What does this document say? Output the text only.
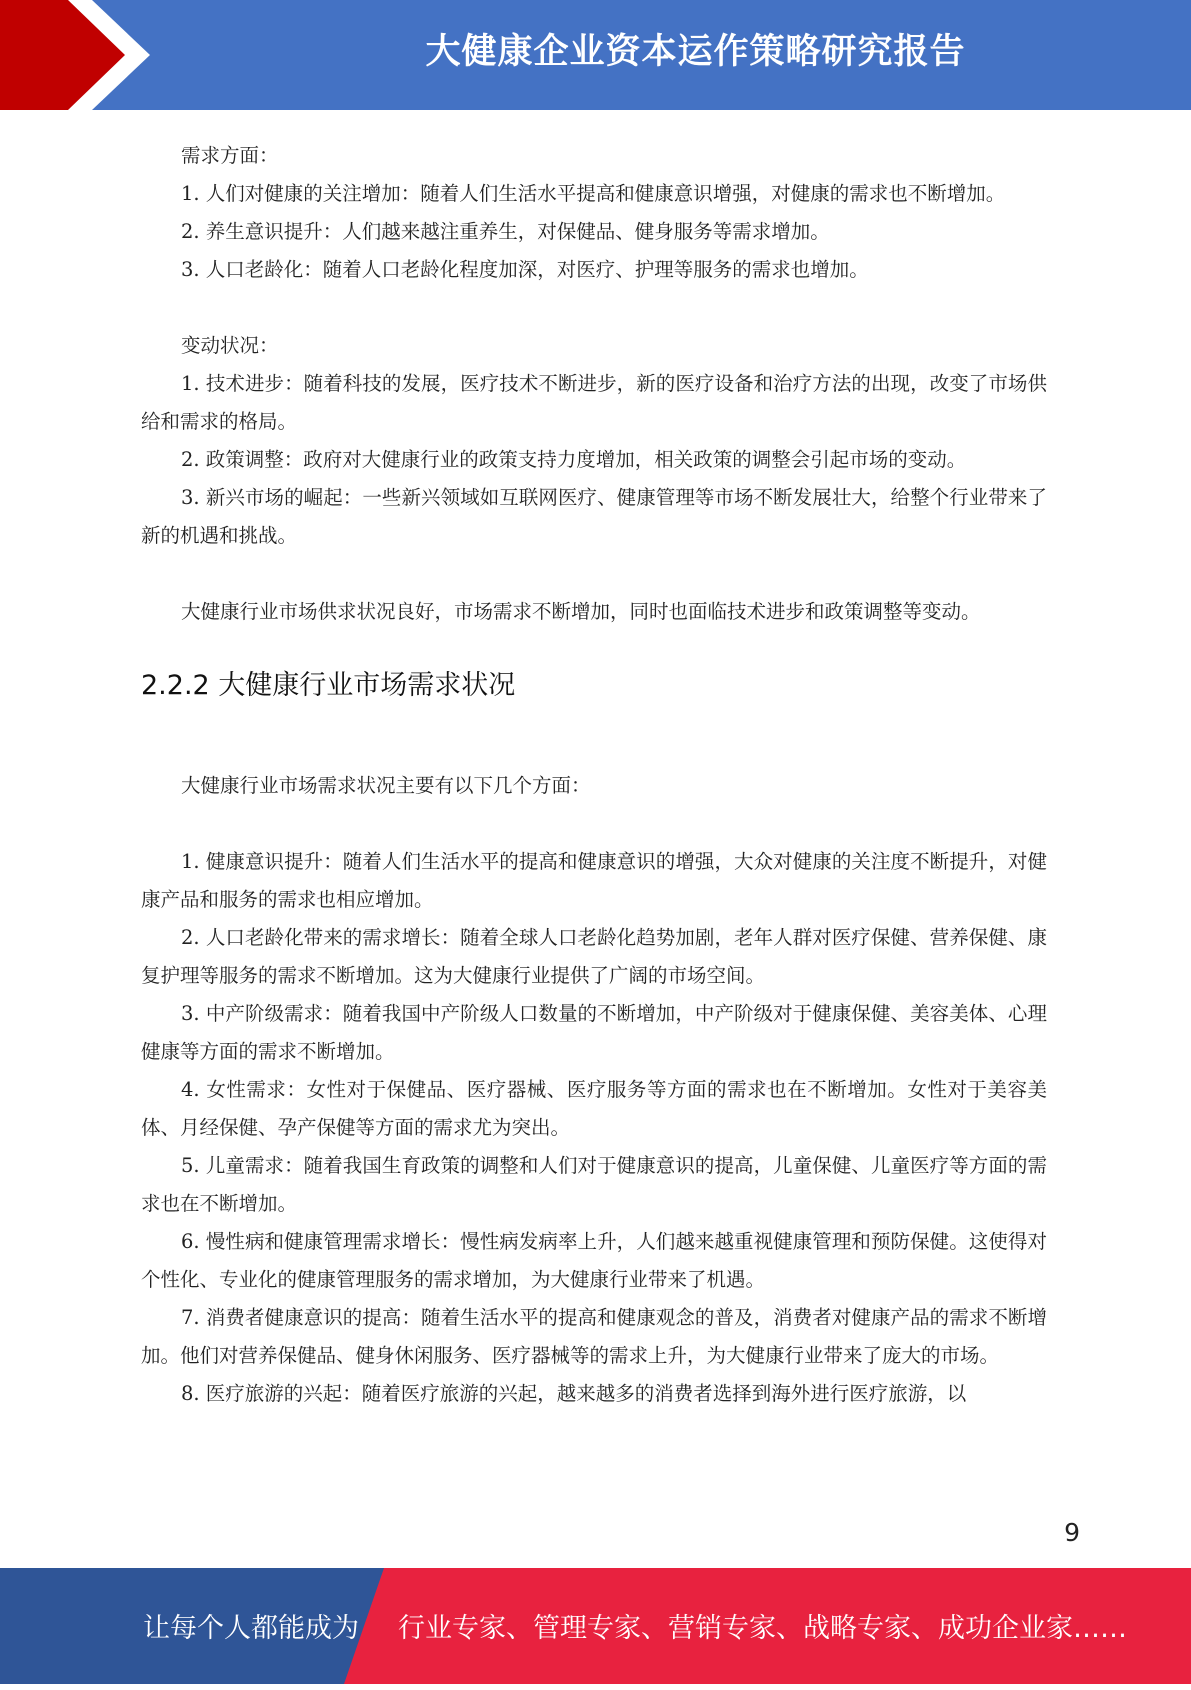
大健康企业资本运作策略研究报告

需求方面：

1. 人们对健康的关注增加：随着人们生活水平提高和健康意识增强，对健康的需求也不断增加。

2. 养生意识提升：人们越来越注重养生，对保健品、健身服务等需求增加。

3. 人口老龄化：随着人口老龄化程度加深，对医疗、护理等服务的需求也增加。

变动状况：

1. 技术进步：随着科技的发展，医疗技术不断进步，新的医疗设备和治疗方法的出现，改变了市场供给和需求的格局。

2. 政策调整：政府对大健康行业的政策支持力度增加，相关政策的调整会引起市场的变动。

3. 新兴市场的崛起：一些新兴领域如互联网医疗、健康管理等市场不断发展壮大，给整个行业带来了新的机遇和挑战。

大健康行业市场供求状况良好，市场需求不断增加，同时也面临技术进步和政策调整等变动。

2.2.2 大健康行业市场需求状况

大健康行业市场需求状况主要有以下几个方面：

1. 健康意识提升：随着人们生活水平的提高和健康意识的增强，大众对健康的关注度不断提升，对健康产品和服务的需求也相应增加。

2. 人口老龄化带来的需求增长：随着全球人口老龄化趋势加剧，老年人群对医疗保健、营养保健、康复护理等服务的需求不断增加。这为大健康行业提供了广阔的市场空间。

3. 中产阶级需求：随着我国中产阶级人口数量的不断增加，中产阶级对于健康保健、美容美体、心理健康等方面的需求不断增加。

4. 女性需求：女性对于保健品、医疗器械、医疗服务等方面的需求也在不断增加。女性对于美容美体、月经保健、孕产保健等方面的需求尤为突出。

5. 儿童需求：随着我国生育政策的调整和人们对于健康意识的提高，儿童保健、儿童医疗等方面的需求也在不断增加。

6. 慢性病和健康管理需求增长：慢性病发病率上升，人们越来越重视健康管理和预防保健。这使得对个性化、专业化的健康管理服务的需求增加，为大健康行业带来了机遇。

7. 消费者健康意识的提高：随着生活水平的提高和健康观念的普及，消费者对健康产品的需求不断增加。他们对营养保健品、健身休闲服务、医疗器械等的需求上升，为大健康行业带来了庞大的市场。

8. 医疗旅游的兴起：随着医疗旅游的兴起，越来越多的消费者选择到海外进行医疗旅游，以

9
让每个人都能成为 行业专家、管理专家、营销专家、战略专家、成功企业家……
